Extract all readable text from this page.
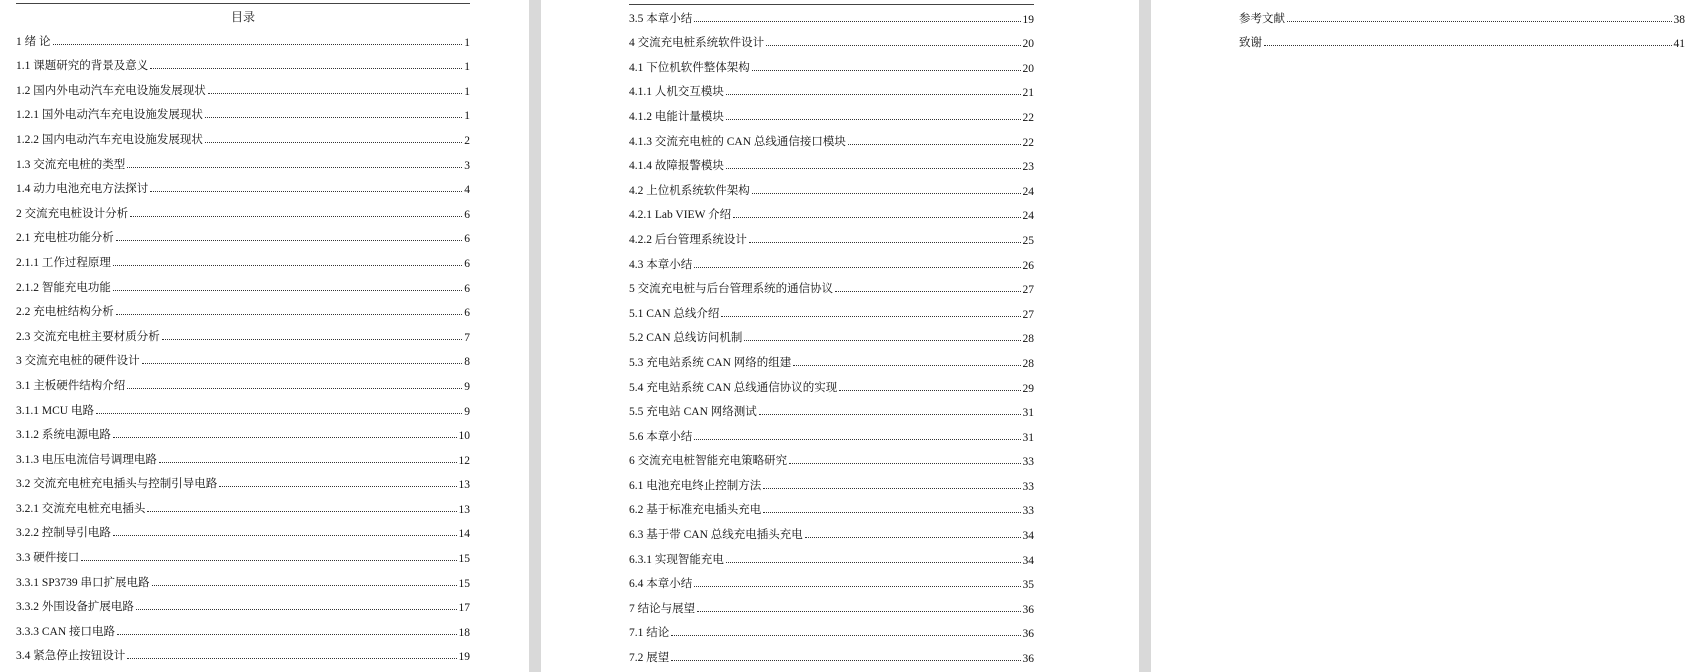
目录
1 绪 论	1
1.1 课题研究的背景及意义	1
1.2 国内外电动汽车充电设施发展现状	1
1.2.1 国外电动汽车充电设施发展现状	1
1.2.2 国内电动汽车充电设施发展现状	2
1.3 交流充电桩的类型	3
1.4 动力电池充电方法探讨	4
2 交流充电桩设计分析	6
2.1 充电桩功能分析	6
2.1.1 工作过程原理	6
2.1.2 智能充电功能	6
2.2 充电桩结构分析	6
2.3 交流充电桩主要材质分析	7
3 交流充电桩的硬件设计	8
3.1 主板硬件结构介绍	9
3.1.1 MCU 电路	9
3.1.2 系统电源电路	10
3.1.3 电压电流信号调理电路	12
3.2 交流充电桩充电插头与控制引导电路	13
3.2.1 交流充电桩充电插头	13
3.2.2 控制导引电路	14
3.3 硬件接口	15
3.3.1 SP3739 串口扩展电路	15
3.3.2 外围设备扩展电路	17
3.3.3 CAN 接口电路	18
3.4 紧急停止按钮设计	19
3.5 本章小结	19
4 交流充电桩系统软件设计	20
4.1 下位机软件整体架构	20
4.1.1 人机交互模块	21
4.1.2 电能计量模块	22
4.1.3 交流充电桩的 CAN 总线通信接口模块	22
4.1.4 故障报警模块	23
4.2 上位机系统软件架构	24
4.2.1 Lab VIEW 介绍	24
4.2.2 后台管理系统设计	25
4.3 本章小结	26
5 交流充电桩与后台管理系统的通信协议	27
5.1 CAN 总线介绍	27
5.2 CAN 总线访问机制	28
5.3 充电站系统 CAN 网络的组建	28
5.4 充电站系统 CAN 总线通信协议的实现	29
5.5 充电站 CAN 网络测试	31
5.6 本章小结	31
6 交流充电桩智能充电策略研究	33
6.1 电池充电终止控制方法	33
6.2 基于标准充电插头充电	33
6.3 基于带 CAN 总线充电插头充电	34
6.3.1 实现智能充电	34
6.4 本章小结	35
7 结论与展望	36
7.1 结论	36
7.2 展望	36
参考文献	38
致谢	41
